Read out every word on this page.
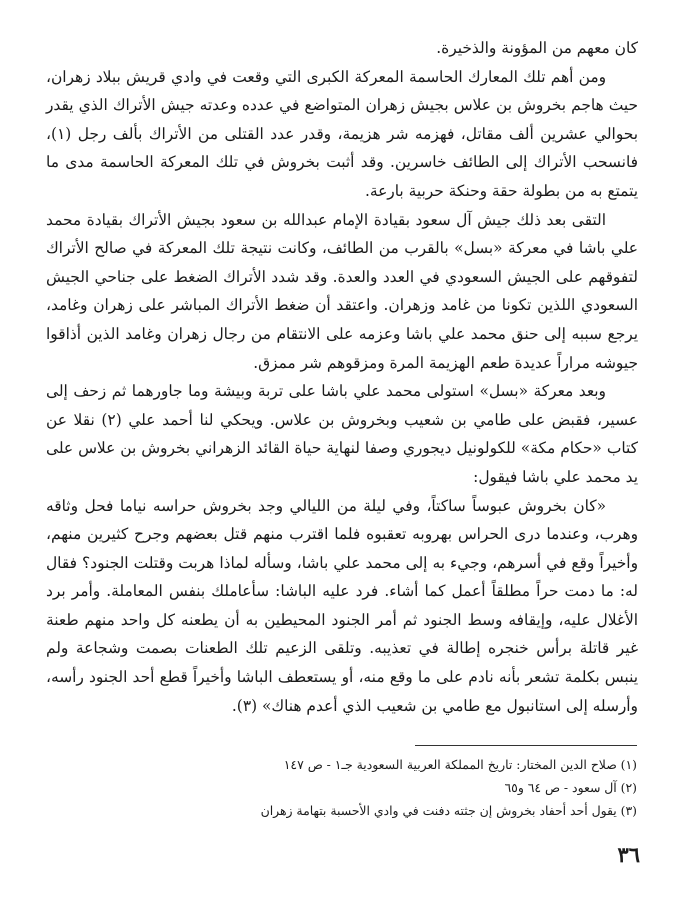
كان معهم من المؤونة والذخيرة.

ومن أهم تلك المعارك الحاسمة المعركة الكبرى التي وقعت في وادي قريش ببلاد زهران، حيث هاجم بخروش بن علاس بجيش زهران المتواضع في عدده وعدته جيش الأتراك الذي يقدر بحوالي عشرين ألف مقاتل، فهزمه شر هزيمة، وقدر عدد القتلى من الأتراك بألف رجل (١)، فانسحب الأتراك إلى الطائف خاسرين. وقد أثبت بخروش في تلك المعركة الحاسمة مدى ما يتمتع به من بطولة حقة وحنكة حربية بارعة.

التقى بعد ذلك جيش آل سعود بقيادة الإمام عبدالله بن سعود بجيش الأتراك بقيادة محمد علي باشا في معركة «بسل» بالقرب من الطائف، وكانت نتيجة تلك المعركة في صالح الأتراك لتفوقهم على الجيش السعودي في العدد والعدة. وقد شدد الأتراك الضغط على جناحي الجيش السعودي اللذين تكونا من غامد وزهران. واعتقد أن ضغط الأتراك المباشر على زهران وغامد، يرجع سببه إلى حنق محمد علي باشا وعزمه على الانتقام من رجال زهران وغامد الذين أذاقوا جيوشه مراراً عديدة طعم الهزيمة المرة ومزقوهم شر ممزق.

وبعد معركة «بسل» استولى محمد علي باشا على تربة وبيشة وما جاورهما ثم زحف إلى عسير، فقبض على طامي بن شعيب وبخروش بن علاس. ويحكي لنا أحمد علي (٢) نقلا عن كتاب «حكام مكة» للكولونيل ديجوري وصفا لنهاية حياة القائد الزهراني بخروش بن علاس على يد محمد علي باشا فيقول:

«كان بخروش عبوساً ساكتاً، وفي ليلة من الليالي وجد بخروش حراسه نياما فحل وثاقه وهرب، وعندما درى الحراس بهروبه تعقبوه فلما اقترب منهم قتل بعضهم وجرح كثيرين منهم، وأخيراً وقع في أسرهم، وجيء به إلى محمد علي باشا، وسأله لماذا هربت وقتلت الجنود؟ فقال له: ما دمت حراً مطلقاً أعمل كما أشاء. فرد عليه الباشا: سأعاملك بنفس المعاملة. وأمر برد الأغلال عليه، وإيقافه وسط الجنود ثم أمر الجنود المحيطين به أن يطعنه كل واحد منهم طعنة غير قاتلة برأس خنجره إطالة في تعذيبه. وتلقى الزعيم تلك الطعنات بصمت وشجاعة ولم ينبس بكلمة تشعر بأنه نادم على ما وقع منه، أو يستعطف الباشا وأخيراً قطع أحد الجنود رأسه، وأرسله إلى استانبول مع طامي بن شعيب الذي أعدم هناك» (٣).

(١) صلاح الدين المختار: تاريخ المملكة العربية السعودية جـ١ - ص ١٤٧
(٢) آل سعود - ص ٦٤ و٦٥
(٣) يقول أحد أحفاد بخروش إن جثته دفنت في وادي الأحسبة بتهامة زهران
٣٦
